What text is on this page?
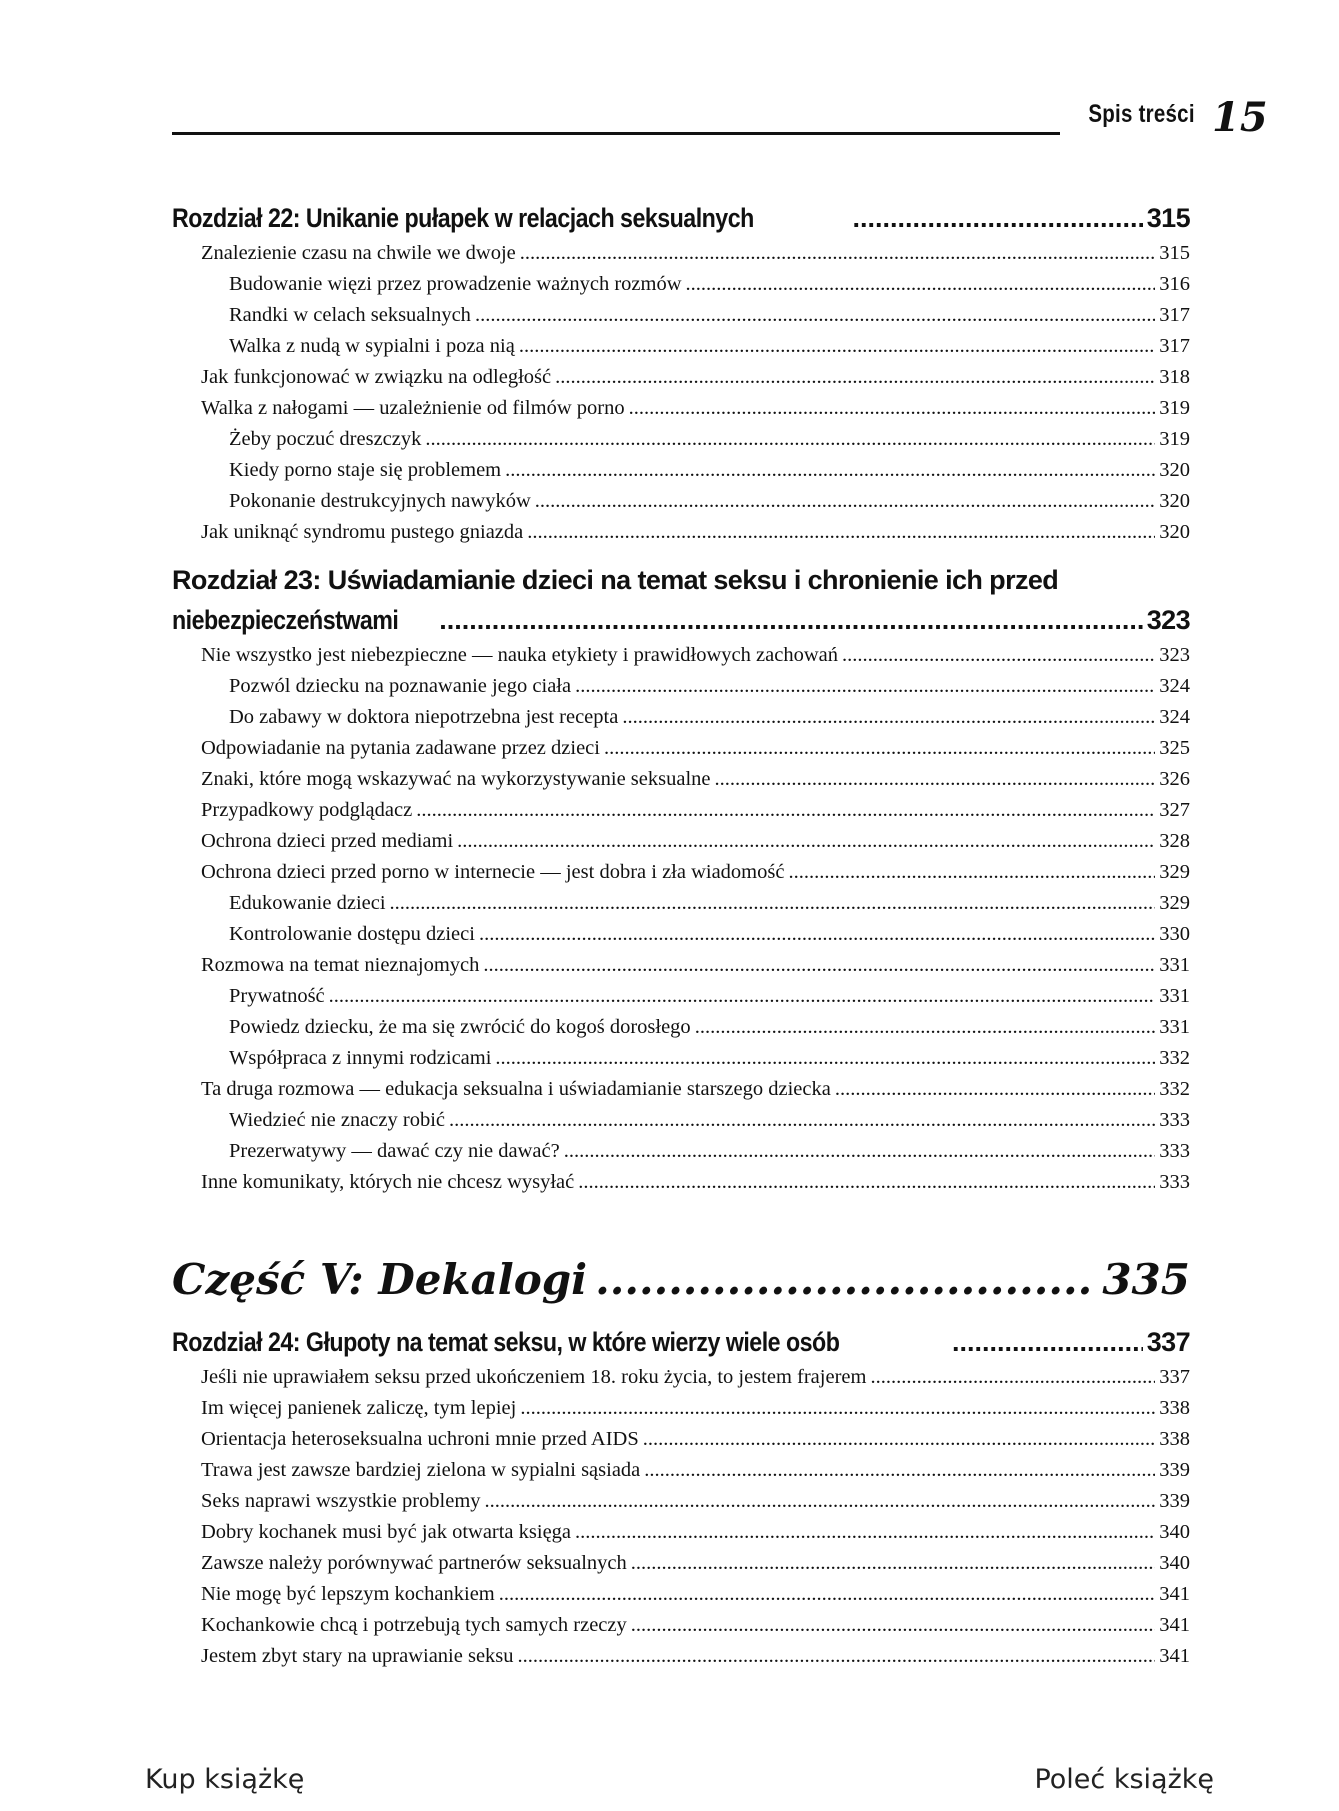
Spis treści 15
Rozdział 22: Unikanie pułapek w relacjach seksualnych .....	315
Znalezienie czasu na chwile we dwoje .....	315
Budowanie więzi przez prowadzenie ważnych rozmów .....	316
Randki w celach seksualnych .....	317
Walka z nudą w sypialni i poza nią .....	317
Jak funkcjonować w związku na odległość .....	318
Walka z nałogami — uzależnienie od filmów porno .....	319
Żeby poczuć dreszczyk .....	319
Kiedy porno staje się problemem .....	320
Pokonanie destrukcyjnych nawyków .....	320
Jak uniknąć syndromu pustego gniazda .....	320
Rozdział 23: Uświadamianie dzieci na temat seksu i chronienie ich przed
niebezpieczeństwami .....	323
Nie wszystko jest niebezpieczne — nauka etykiety i prawidłowych zachowań .....	323
Pozwól dziecku na poznawanie jego ciała .....	324
Do zabawy w doktora niepotrzebna jest recepta .....	324
Odpowiadanie na pytania zadawane przez dzieci .....	325
Znaki, które mogą wskazywać na wykorzystywanie seksualne .....	326
Przypadkowy podglądacz .....	327
Ochrona dzieci przed mediami .....	328
Ochrona dzieci przed porno w internecie — jest dobra i zła wiadomość .....	329
Edukowanie dzieci .....	329
Kontrolowanie dostępu dzieci .....	330
Rozmowa na temat nieznajomych .....	331
Prywatność .....	331
Powiedz dziecku, że ma się zwrócić do kogoś dorosłego .....	331
Współpraca z innymi rodzicami .....	332
Ta druga rozmowa — edukacja seksualna i uświadamianie starszego dziecka .....	332
Wiedzieć nie znaczy robić .....	333
Prezerwatywy — dawać czy nie dawać? .....	333
Inne komunikaty, których nie chcesz wysyłać .....	333
Część V: Dekalogi .....	335
Rozdział 24: Głupoty na temat seksu, w które wierzy wiele osób .....	337
Jeśli nie uprawiałem seksu przed ukończeniem 18. roku życia, to jestem frajerem .....	337
Im więcej panienek zaliczę, tym lepiej .....	338
Orientacja heteroseksualna uchroni mnie przed AIDS .....	338
Trawa jest zawsze bardziej zielona w sypialni sąsiada .....	339
Seks naprawi wszystkie problemy .....	339
Dobry kochanek musi być jak otwarta księga .....	340
Zawsze należy porównywać partnerów seksualnych .....	340
Nie mogę być lepszym kochankiem .....	341
Kochankowie chcą i potrzebują tych samych rzeczy .....	341
Jestem zbyt stary na uprawianie seksu .....	341
Kup książkę	Poleć książkę
